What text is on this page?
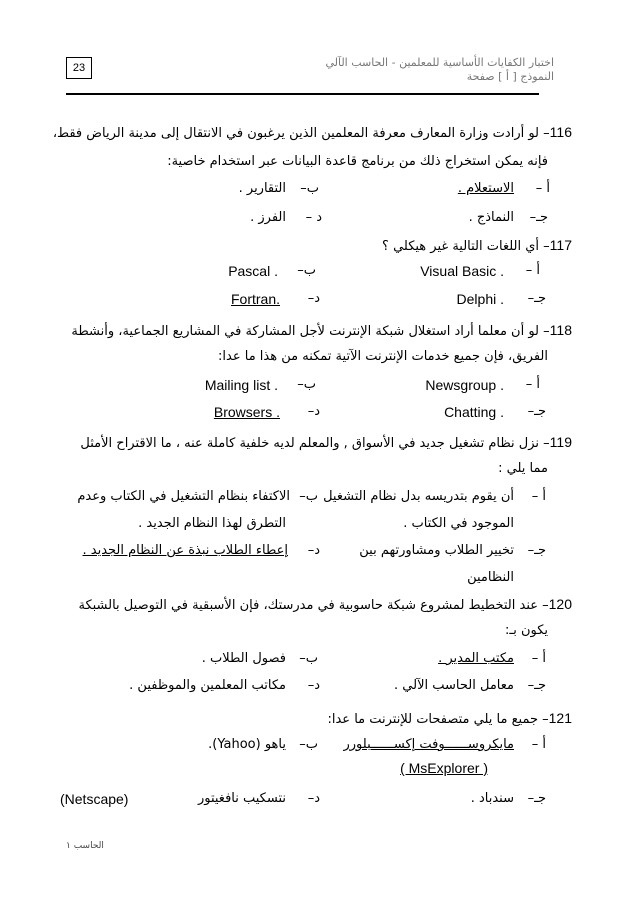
23	اختبار الكفايات الأساسية للمعلمين - الحاسب الآلي
النموذج [ أ ] صفحة
116– لو أرادت وزارة المعارف معرفة المعلمين الذين يرغبون في الانتقال إلى مدينة الرياض فقط،
فإنه يمكن استخراج ذلك من برنامج قاعدة البيانات عبر استخدام خاصية:
أ –
الاستعلام .
ب–
التقارير .
جـ–
النماذج .
د –
الفرز .
117– أي اللغات التالية غير هيكلي ؟
أ –
Visual Basic .
ب–
Pascal .
جـ–
Delphi .
د–
Fortran.
118– لو أن معلما أراد استغلال شبكة الإنترنت لأجل المشاركة في المشاريع الجماعية، وأنشطة
الفريق، فإن جميع خدمات الإنترنت الآتية تمكنه من هذا ما عدا:
أ –
Newsgroup .
ب–
Mailing list .
جـ–
Chatting .
د–
Browsers .
119– نزل نظام تشغيل جديد في الأسواق , والمعلم لديه خلفية كاملة عنه ، ما الاقتراح الأمثل
مما يلي :
أ –
أن يقوم بتدريسه بدل نظام التشغيل
الموجود في الكتاب .
ب–
الاكتفاء بنظام التشغيل في الكتاب وعدم
التطرق لهذا النظام الجديد .
جـ–
تخيير الطلاب ومشاورتهم بين
النظامين
د–
إعطاء الطلاب نبذة عن النظام الجديد .
120– عند التخطيط لمشروع شبكة حاسوبية في مدرستك، فإن الأسبقية في التوصيل بالشبكة
يكون بـ:
أ –
مكتب المدير .
ب–
فصول الطلاب .
جـ–
معامل الحاسب الآلي .
د–
مكاتب المعلمين والموظفين .
121– جميع ما يلي متصفحات للإنترنت ما عدا:
أ –
مايكروســــــوفت إكســــــبلورر
( MsExplorer )
ب–
ياهو (Yahoo).
جـ–
سندباد .
د–
نتسكيب نافغيتور
(Netscape)
الحاسب ١
